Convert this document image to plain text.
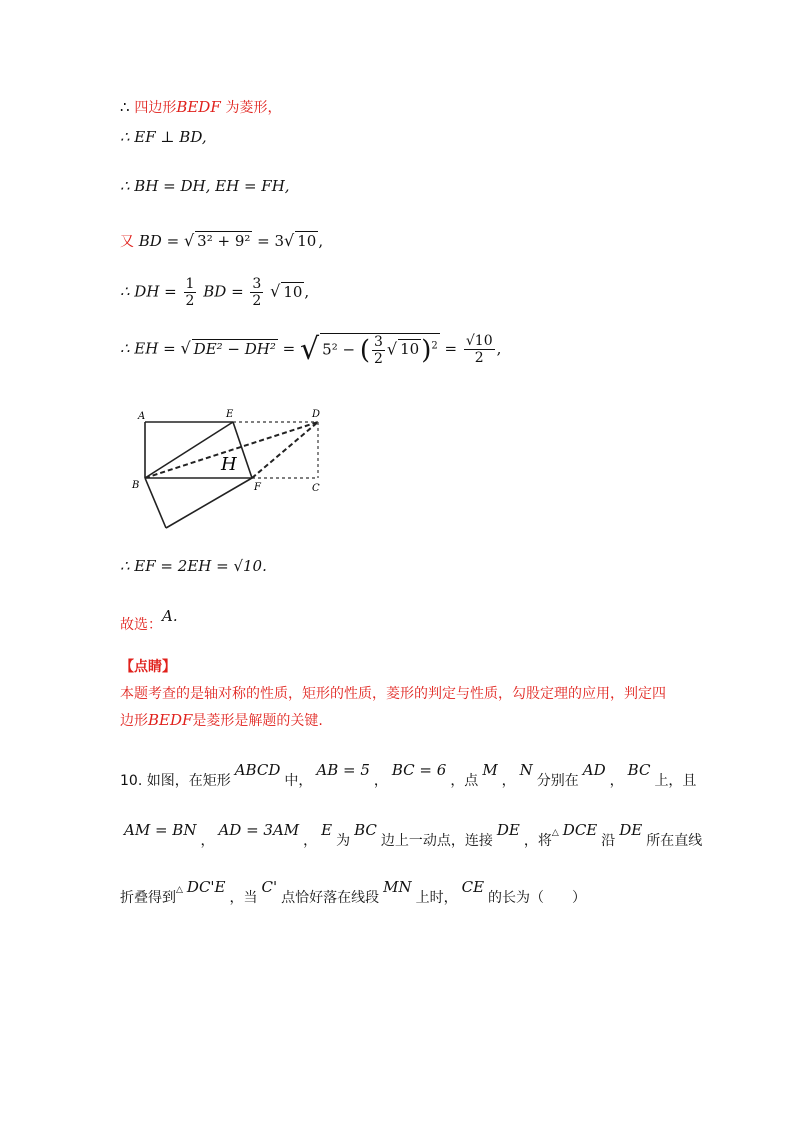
∴ 四边形BEDF 为菱形，
∴ EF ⊥ BD,
∴ BH = DH, EH = FH,
又 BD = √ 3² + 9² = 3√ 10 ,
∴ DH = $\frac{1}{2}$ BD = $\frac{3}{2}$ √ 10 ,
∴ EH = √ DE² − DH² = √ 5² − ( $\frac{3}{2}$ √ $10)^2 = \frac{√10}{2}$ ,
A	E	D
H
B	F	C
∴ EF = 2EH = √10.
故选：A.
【点睛】
本题考查的是轴对称的性质，矩形的性质，菱形的判定与性质，勾股定理的应用，判定四
边形BEDF是菱形是解题的关键.
10. 如图，在矩形ABCD中，AB = 5，BC = 6，点M，N分别在AD，BC上，且
AM = BN，AD = 3AM，E为BC边上一动点，连接DE，将△ DCE沿DE所在直线
折叠得到△ DC'E，当C'点恰好落在线段MN上时，CE的长为（　　）
